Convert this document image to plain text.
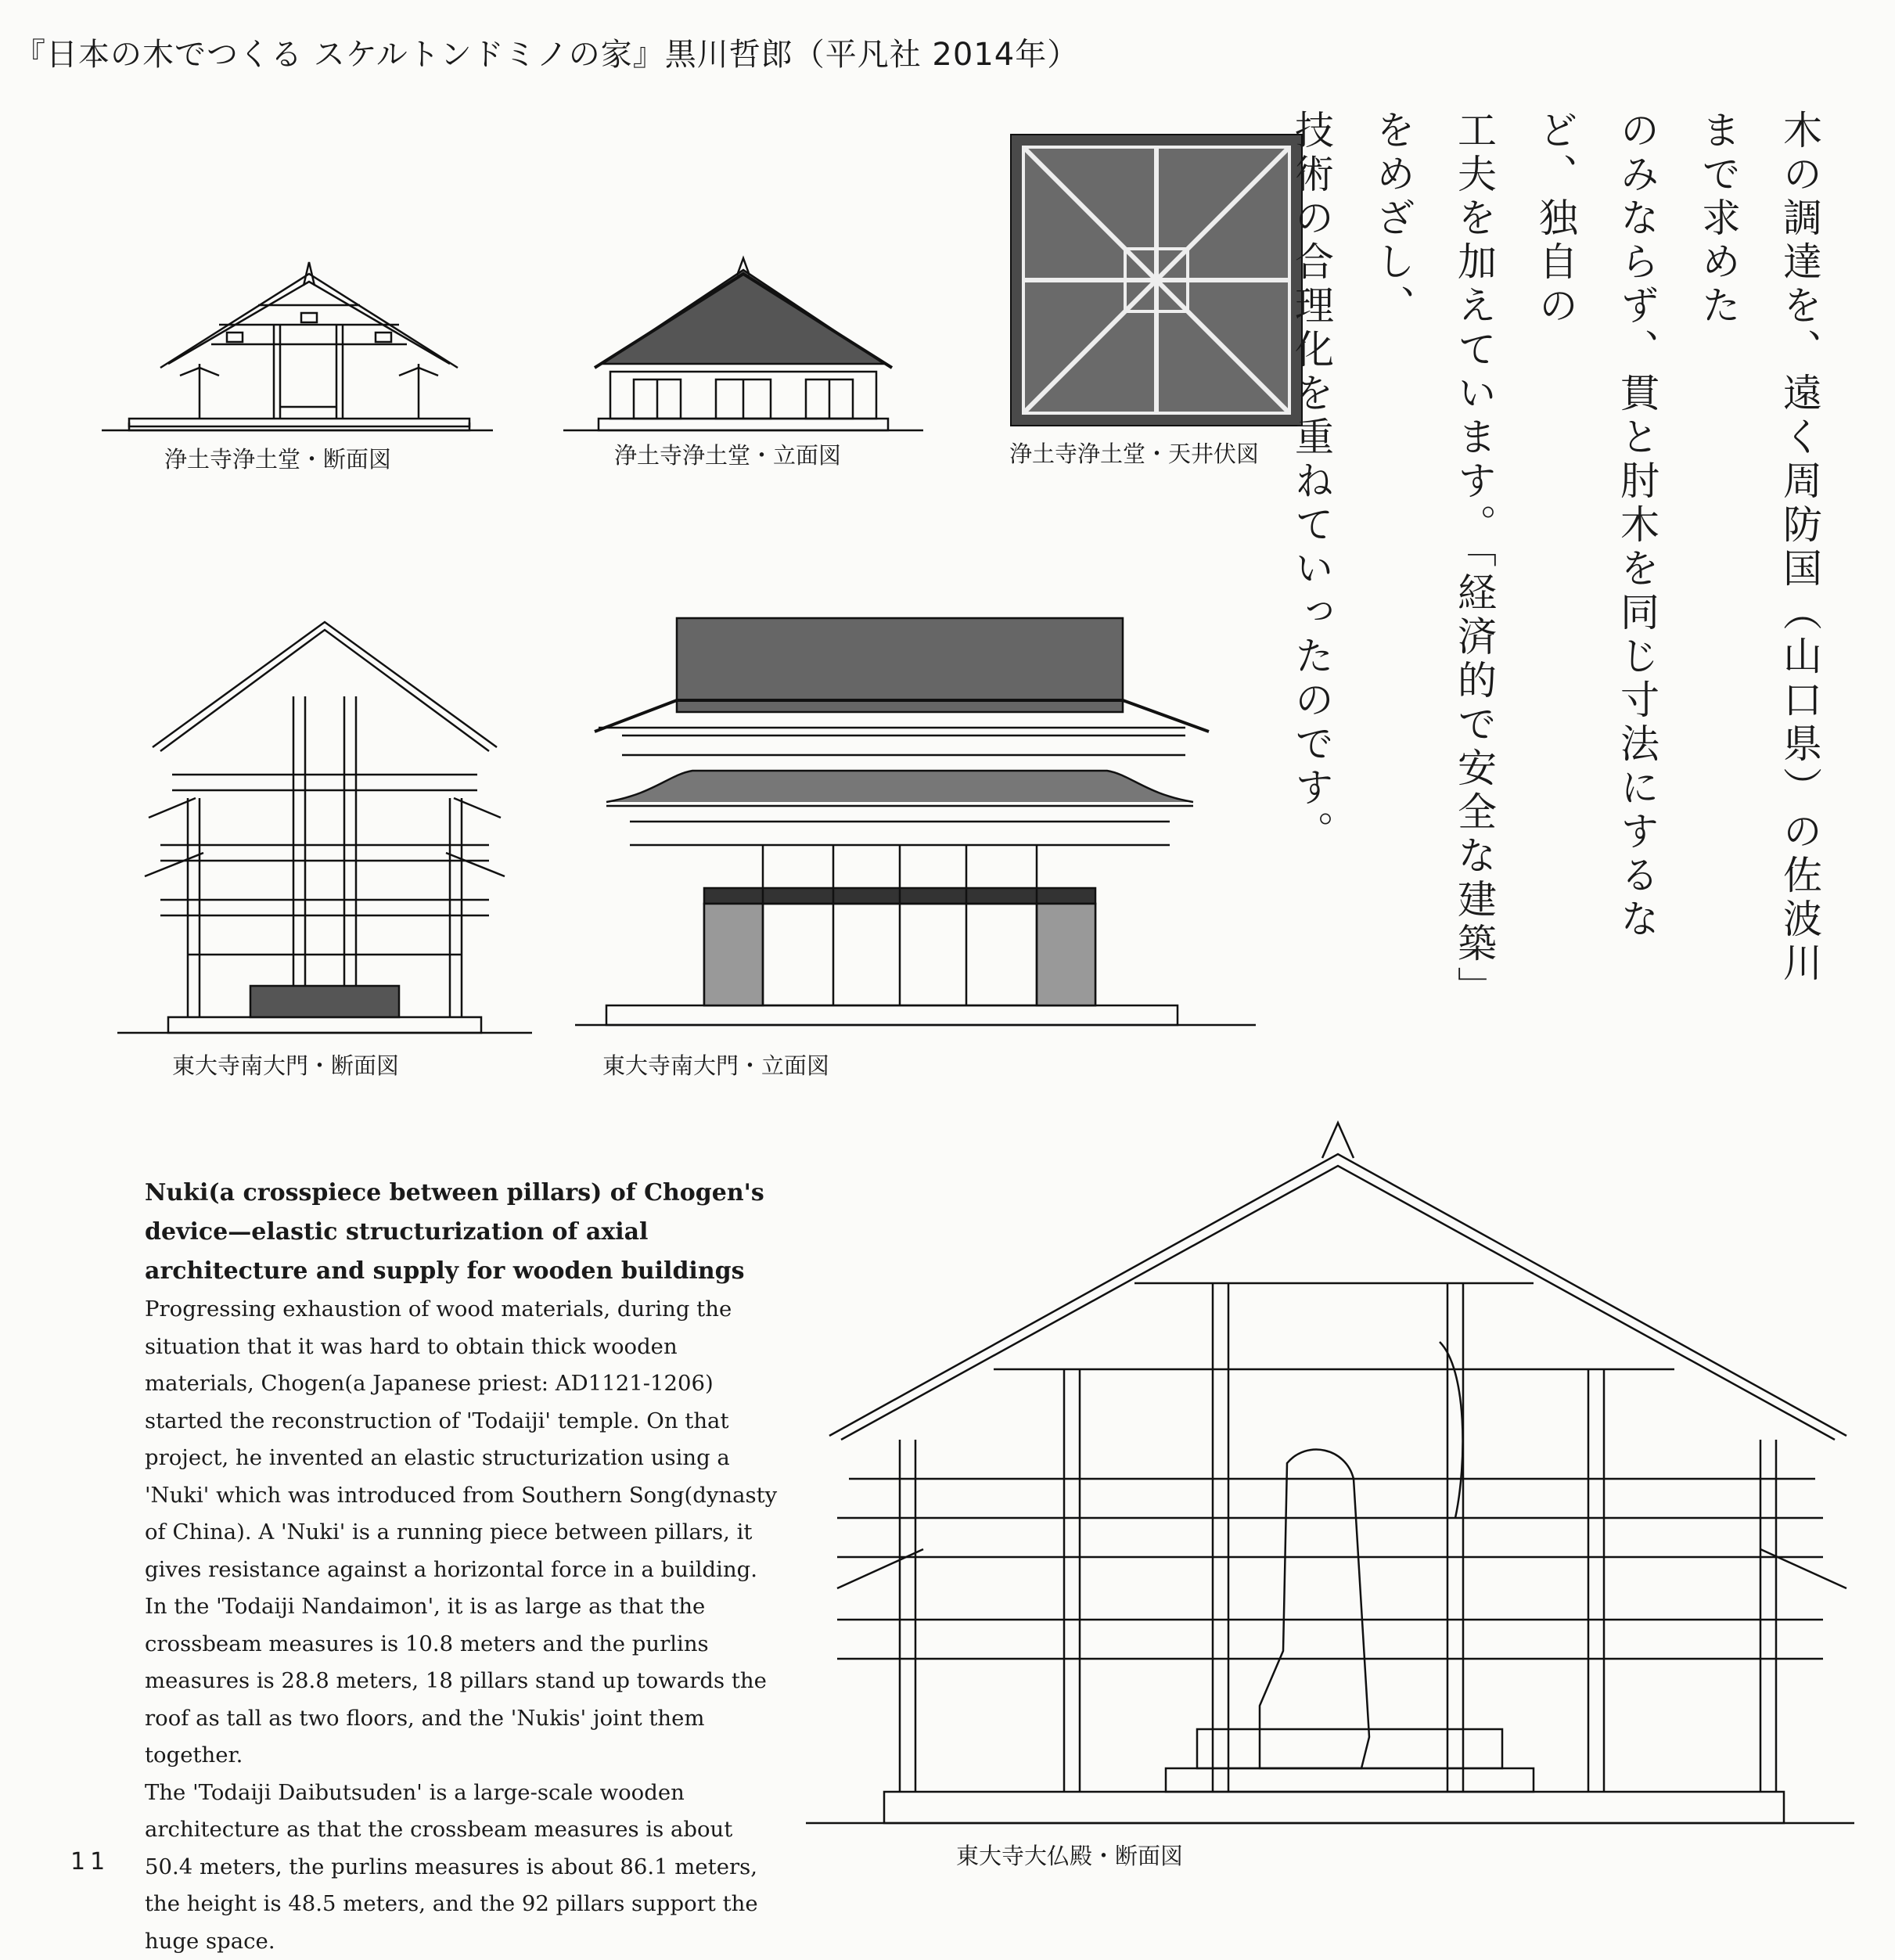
『日本の木でつくる スケルトンドミノの家』黒川哲郎（平凡社 2014年）
浄土寺浄土堂・断面図	浄土寺浄土堂・立面図	浄土寺浄土堂・天井伏図
東大寺南大門・断面図	東大寺南大門・立面図
東大寺大仏殿・断面図
木の調達を、遠く周防国（山口県）の佐波川まで求めた
のみならず、貫と肘木を同じ寸法にするなど、独自の
工夫を加えています。「経済的で安全な建築」をめざし、
技術の合理化を重ねていったのです。
Nuki(a crosspiece between pillars) of Chogen's device—elastic structurization of axial architecture and supply for wooden buildings

Progressing exhaustion of wood materials, during the situation that it was hard to obtain thick wooden materials, Chogen(a Japanese priest: AD1121-1206) started the reconstruction of 'Todaiji' temple. On that project, he invented an elastic structurization using a 'Nuki' which was introduced from Southern Song(dynasty of China). A 'Nuki' is a running piece between pillars, it gives resistance against a horizontal force in a building.

In the 'Todaiji Nandaimon', it is as large as that the crossbeam measures is 10.8 meters and the purlins measures is 28.8 meters, 18 pillars stand up towards the roof as tall as two floors, and the 'Nukis' joint them together.

The 'Todaiji Daibutsuden' is a large-scale wooden architecture as that the crossbeam measures is about 50.4 meters, the purlins measures is about 86.1 meters, the height is 48.5 meters, and the 92 pillars support the huge space.

11
